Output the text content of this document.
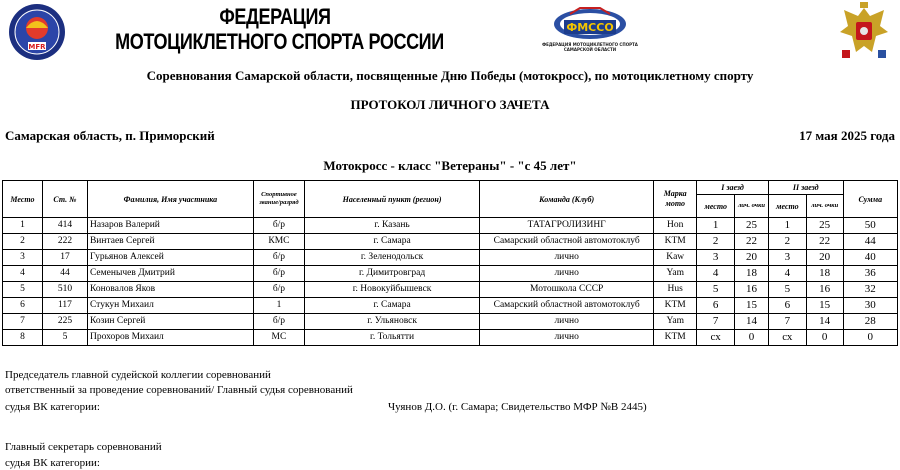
MFR
ФЕДЕРАЦИЯ
МОТОЦИКЛЕТНОГО СПОРТА РОССИИ
ФМССО
ФЕДЕРАЦИЯ МОТОЦИКЛЕТНОГО СПОРТА САМАРСКОЙ ОБЛАСТИ
Соревнования Самарской области, посвященные Дню Победы (мотокросс), по мотоциклетному спорту
ПРОТОКОЛ ЛИЧНОГО ЗАЧЕТА
Самарская область, п. Приморский	17 мая 2025 года
Мотокросс - класс "Ветераны" - "с 45 лет"
Место	Ст. №	Фамилия, Имя участника	Спортивное звание/разряд	Населенный пункт (регион)	Команда (Клуб)	Марка мото	I заезд		II заезд		Сумма
							место	лич. очки	место	лич. очки	
1	414	Назаров Валерий	б/р	г. Казань	ТАТАГРОЛИЗИНГ	Hon	1	25	1	25	50
2	222	Винтаев Сергей	КМС	г. Самара	Самарский областной автомотоклуб	KTM	2	22	2	22	44
3	17	Гурьянов Алексей	б/р	г. Зеленодольск	лично	Kaw	3	20	3	20	40
4	44	Семенычев Дмитрий	б/р	г. Димитровград	лично	Yam	4	18	4	18	36
5	510	Коновалов Яков	б/р	г. Новокуйбышевск	Мотошкола СССР	Hus	5	16	5	16	32
6	117	Стукун Михаил	1	г. Самара	Самарский областной автомотоклуб	KTM	6	15	6	15	30
7	225	Козин Сергей	б/р	г. Ульяновск	лично	Yam	7	14	7	14	28
8	5	Прохоров Михаил	МС	г. Тольятти	лично	KTM	сх	0	сх	0	0
Председатель главной судейской коллегии соревнований
ответственный за проведение соревнований/ Главный судья соревнований
судья ВК категории:	Чуянов Д.О. (г. Самара; Свидетельство МФР №В 2445)
Главный секретарь соревнований
судья ВК категории:
